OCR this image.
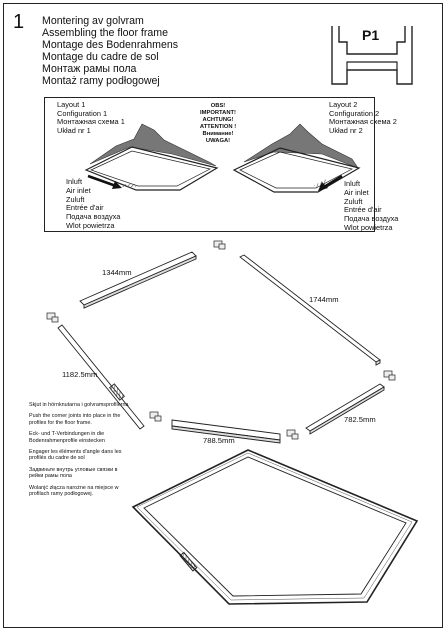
1 Montering av golvram
Assembling the floor frame
Montage des Bodenrahmens
Montage du cadre de sol
Монтаж рамы пола
Montaż ramy podłogowej
P1
Layout 1
Configuration 1
Монтажная схема 1
Układ nr 1
Layout 2
Configuration 2
Монтажная схема 2
Układ nr 2
OBS!
IMPORTANT!
ACHTUNG!
ATTENTION !
Внимание!
UWAGA!
Inluft
Air inlet
Zuluft
Entrée d'air
Подача воздуха
Wlot powietrza
Inluft
Air inlet
Zuluft
Entrée d'air
Подача воздуха
Wlot powietrza
1344mm
1744mm
1182.5mm
782.5mm
788.5mm

Skjut in hörnknutarna i golvramsprofilerna

Push the corner joints into place in the profiles for the floor frame.

Eck- und T-Verbindungen in die Bodenrahmenprofile einstecken

Engager les éléments d'angle dans les profilés du cadre de sol

Задвиньте внутрь угловые связки в рейки рамы пола

Wolanjć złącza narożne na miejsce w profilach ramy podłogowej.
